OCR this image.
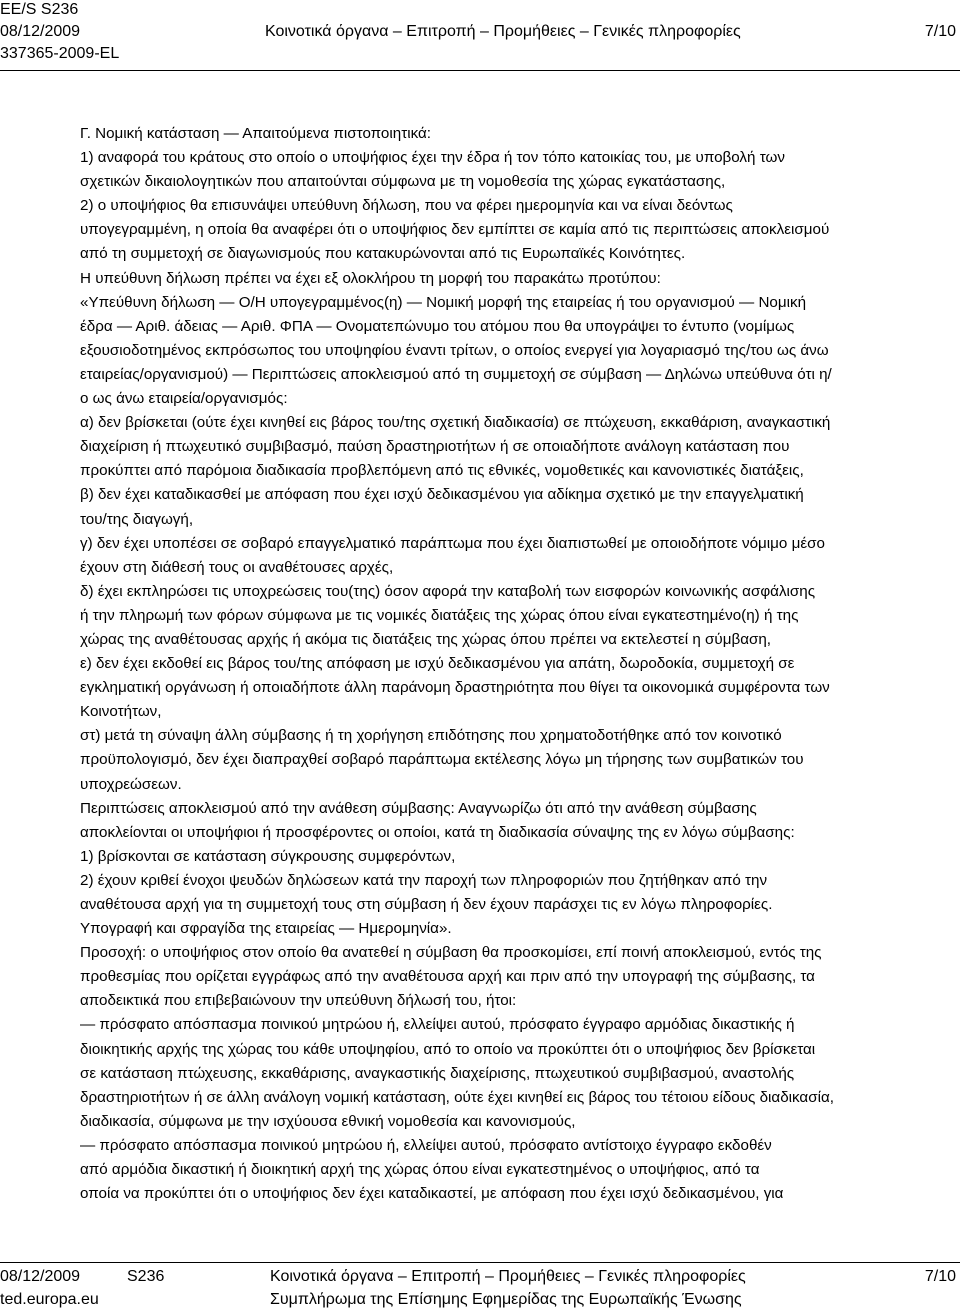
EE/S S236
08/12/2009	Κοινοτικά όργανα – Επιτροπή – Προμήθειες – Γενικές πληροφορίες	7/10
337365-2009-EL
Γ. Νομική κατάσταση — Απαιτούμενα πιστοποιητικά:
1) αναφορά του κράτους στο οποίο ο υποψήφιος έχει την έδρα ή τον τόπο κατοικίας του, με υποβολή των
σχετικών δικαιολογητικών που απαιτούνται σύμφωνα με τη νομοθεσία της χώρας εγκατάστασης,
2) ο υποψήφιος θα επισυνάψει υπεύθυνη δήλωση, που να φέρει ημερομηνία και να είναι δεόντως
υπογεγραμμένη, η οποία θα αναφέρει ότι ο υποψήφιος δεν εμπίπτει σε καμία από τις περιπτώσεις αποκλεισμού
από τη συμμετοχή σε διαγωνισμούς που κατακυρώνονται από τις Ευρωπαϊκές Κοινότητες.
Η υπεύθυνη δήλωση πρέπει να έχει εξ ολοκλήρου τη μορφή του παρακάτω προτύπου:
«Υπεύθυνη δήλωση — Ο/Η υπογεγραμμένος(η) — Νομική μορφή της εταιρείας ή του οργανισμού — Νομική
έδρα — Αριθ. άδειας — Αριθ. ΦΠΑ — Ονοματεπώνυμο του ατόμου που θα υπογράψει το έντυπο (νομίμως
εξουσιοδοτημένος εκπρόσωπος του υποψηφίου έναντι τρίτων, ο οποίος ενεργεί για λογαριασμό της/του ως άνω
εταιρείας/οργανισμού) — Περιπτώσεις αποκλεισμού από τη συμμετοχή σε σύμβαση — Δηλώνω υπεύθυνα ότι η/
ο ως άνω εταιρεία/οργανισμός:
α) δεν βρίσκεται (ούτε έχει κινηθεί εις βάρος του/της σχετική διαδικασία) σε πτώχευση, εκκαθάριση, αναγκαστική
διαχείριση ή πτωχευτικό συμβιβασμό, παύση δραστηριοτήτων ή σε οποιαδήποτε ανάλογη κατάσταση που
προκύπτει από παρόμοια διαδικασία προβλεπόμενη από τις εθνικές, νομοθετικές και κανονιστικές διατάξεις,
β) δεν έχει καταδικασθεί με απόφαση που έχει ισχύ δεδικασμένου για αδίκημα σχετικό με την επαγγελματική
του/της διαγωγή,
γ) δεν έχει υποπέσει σε σοβαρό επαγγελματικό παράπτωμα που έχει διαπιστωθεί με οποιοδήποτε νόμιμο μέσο
έχουν στη διάθεσή τους οι αναθέτουσες αρχές,
δ) έχει εκπληρώσει τις υποχρεώσεις του(της) όσον αφορά την καταβολή των εισφορών κοινωνικής ασφάλισης
ή την πληρωμή των φόρων σύμφωνα με τις νομικές διατάξεις της χώρας όπου είναι εγκατεστημένο(η) ή της
χώρας της αναθέτουσας αρχής ή ακόμα τις διατάξεις της χώρας όπου πρέπει να εκτελεστεί η σύμβαση,
ε) δεν έχει εκδοθεί εις βάρος του/της απόφαση με ισχύ δεδικασμένου για απάτη, δωροδοκία, συμμετοχή σε
εγκληματική οργάνωση ή οποιαδήποτε άλλη παράνομη δραστηριότητα που θίγει τα οικονομικά συμφέροντα των
Κοινοτήτων,
στ) μετά τη σύναψη άλλη σύμβασης ή τη χορήγηση επιδότησης που χρηματοδοτήθηκε από τον κοινοτικό
προϋπολογισμό, δεν έχει διαπραχθεί σοβαρό παράπτωμα εκτέλεσης λόγω μη τήρησης των συμβατικών του
υποχρεώσεων.
Περιπτώσεις αποκλεισμού από την ανάθεση σύμβασης: Αναγνωρίζω ότι από την ανάθεση σύμβασης
αποκλείονται οι υποψήφιοι ή προσφέροντες οι οποίοι, κατά τη διαδικασία σύναψης της εν λόγω σύμβασης:
1) βρίσκονται σε κατάσταση σύγκρουσης συμφερόντων,
2) έχουν κριθεί ένοχοι ψευδών δηλώσεων κατά την παροχή των πληροφοριών που ζητήθηκαν από την
αναθέτουσα αρχή για τη συμμετοχή τους στη σύμβαση ή δεν έχουν παράσχει τις εν λόγω πληροφορίες.
Υπογραφή και σφραγίδα της εταιρείας — Ημερομηνία».
Προσοχή: ο υποψήφιος στον οποίο θα ανατεθεί η σύμβαση θα προσκομίσει, επί ποινή αποκλεισμού, εντός της
προθεσμίας που ορίζεται εγγράφως από την αναθέτουσα αρχή και πριν από την υπογραφή της σύμβασης, τα
αποδεικτικά που επιβεβαιώνουν την υπεύθυνη δήλωσή του, ήτοι:
— πρόσφατο απόσπασμα ποινικού μητρώου ή, ελλείψει αυτού, πρόσφατο έγγραφο αρμόδιας δικαστικής ή
διοικητικής αρχής της χώρας του κάθε υποψηφίου, από το οποίο να προκύπτει ότι ο υποψήφιος δεν βρίσκεται
σε κατάσταση πτώχευσης, εκκαθάρισης, αναγκαστικής διαχείρισης, πτωχευτικού συμβιβασμού, αναστολής
δραστηριοτήτων ή σε άλλη ανάλογη νομική κατάσταση, ούτε έχει κινηθεί εις βάρος του τέτοιου είδους διαδικασία,
διαδικασία, σύμφωνα με την ισχύουσα εθνική νομοθεσία και κανονισμούς,
— πρόσφατο απόσπασμα ποινικού μητρώου ή, ελλείψει αυτού, πρόσφατο αντίστοιχο έγγραφο εκδοθέν
από αρμόδια δικαστική ή διοικητική αρχή της χώρας όπου είναι εγκατεστημένος ο υποψήφιος, από τα
οποία να προκύπτει ότι ο υποψήφιος δεν έχει καταδικαστεί, με απόφαση που έχει ισχύ δεδικασμένου, για
08/12/2009	S236	Κοινοτικά όργανα – Επιτροπή – Προμήθειες – Γενικές πληροφορίες	7/10
ted.europa.eu	Συμπλήρωμα της Επίσημης Εφημερίδας της Ευρωπαϊκής Ένωσης
